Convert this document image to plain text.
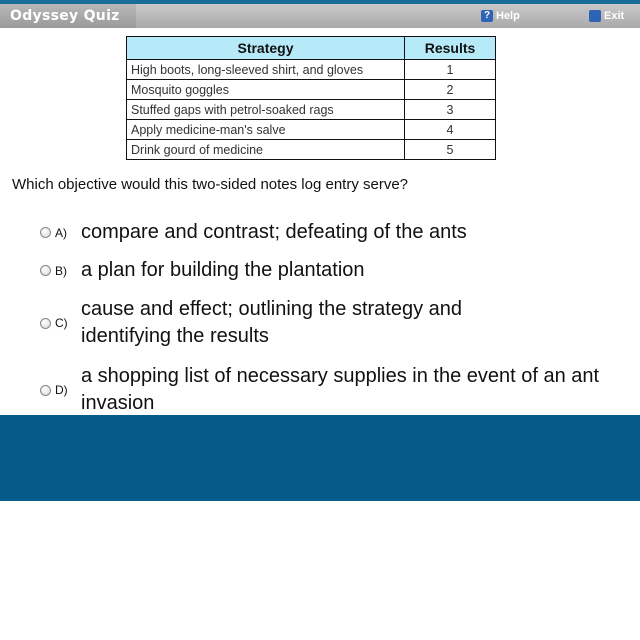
Odyssey Quiz	? Help	Exit
Strategy	Results
High boots, long-sleeved shirt, and gloves	1
Mosquito goggles	2
Stuffed gaps with petrol-soaked rags	3
Apply medicine-man's salve	4
Drink gourd of medicine	5
Which objective would this two-sided notes log entry serve?
A) compare and contrast; defeating of the ants
B) a plan for building the plantation
C)
cause and effect; outlining the strategy and identifying the results
D)
a shopping list of necessary supplies in the event of an ant invasion
